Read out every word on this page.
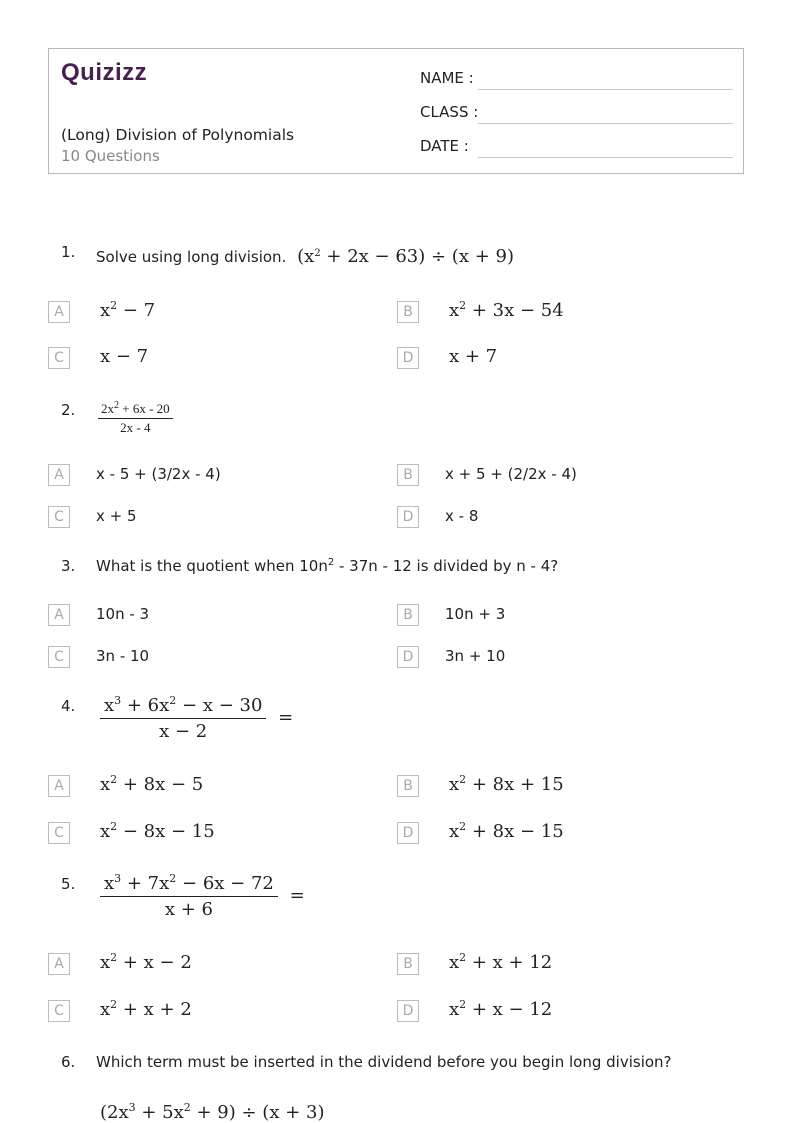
Quizizz
(Long) Division of Polynomials
10 Questions
NAME :
CLASS :
DATE :
1. Solve using long division. $(x^2 + 2x - 63) \div (x + 9)$
A	$x^2 - 7$	B	$x^2 + 3x - 54$
C	x − 7	D	x + 7
2. $\frac{2x^2 + 6x - 20}{2x - 4}$
A	x - 5 + (3/2x - 4)	B	x + 5 + (2/2x - 4)
C	x + 5	D	x - 8
3. What is the quotient when $10n^2 - 37n - 12$ is divided by n - 4?
A	10n - 3	B	10n + 3
C	3n - 10	D	3n + 10
4. $\frac{x^3 + 6x^2 - x - 30}{x - 2}$ =
A	$x^2 + 8x - 5$	B	$x^2 + 8x + 15$
C	$x^2 - 8x - 15$	D	$x^2 + 8x - 15$
5. $\frac{x^3 + 7x^2 - 6x - 72}{x + 6}$ =
A	$x^2 + x - 2$	B	$x^2 + x + 12$
C	$x^2 + x + 2$	D	$x^2 + x - 12$
6. Which term must be inserted in the dividend before you begin long division?
$(2x^3 + 5x^2 + 9) \div (x + 3)$
